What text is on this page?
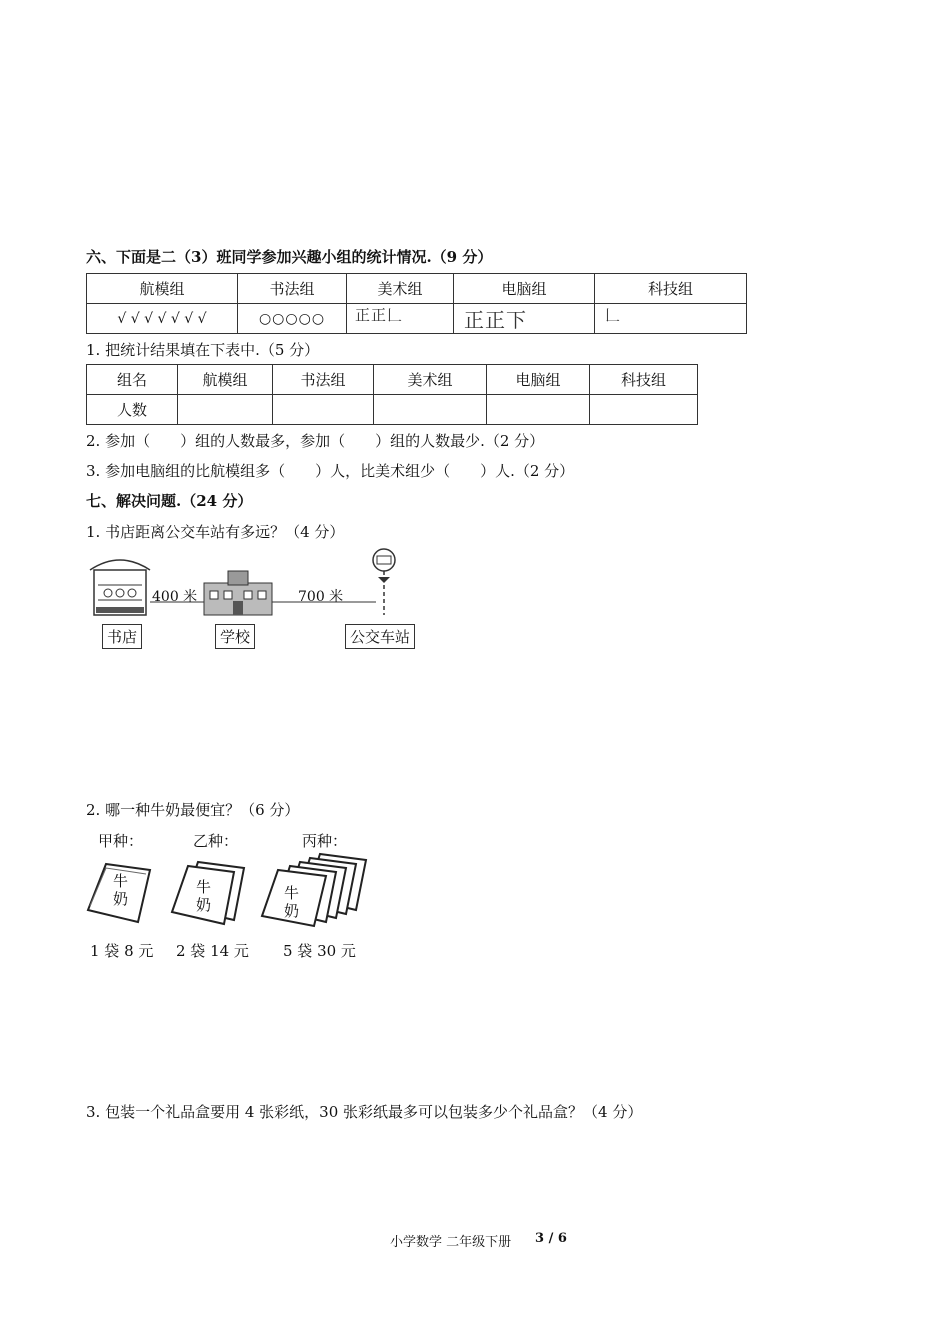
六、下面是二（3）班同学参加兴趣小组的统计情况.（9 分）
航模组	书法组	美术组	电脑组	科技组
√ √ √ √ √ √ √	○○○○○	正正𠃊	正正下	𠃊
1. 把统计结果填在下表中.（5 分）
组名	航模组	书法组	美术组	电脑组	科技组
人数					
2. 参加（　　）组的人数最多，参加（　　）组的人数最少.（2 分）
3. 参加电脑组的比航模组多（　　）人，比美术组少（　　）人.（2 分）
七、解决问题.（24 分）
1. 书店距离公交车站有多远？（4 分）
400 米	700 米
书店	学校	公交车站
2. 哪一种牛奶最便宜？（6 分）
甲种：	乙种：	丙种：
牛奶
牛奶
牛奶
1 袋 8 元 2 袋 14 元 5 袋 30 元
3. 包装一个礼品盒要用 4 张彩纸，30 张彩纸最多可以包装多少个礼品盒？（4 分）
小学数学 二年级下册 3 / 6
